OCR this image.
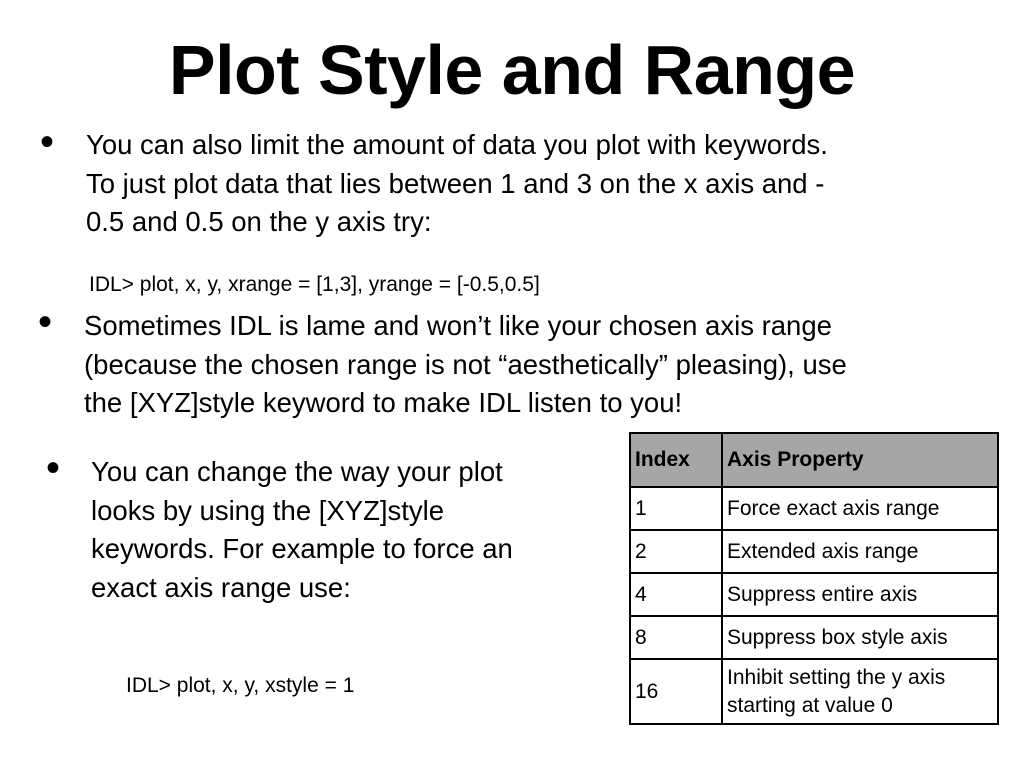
Plot Style and Range
• You can also limit the amount of data you plot with keywords.
To just plot data that lies between 1 and 3 on the x axis and -
0.5 and 0.5 on the y axis try:
IDL> plot, x, y, xrange = [1,3], yrange = [-0.5,0.5]
• Sometimes IDL is lame and won’t like your chosen axis range
(because the chosen range is not “aesthetically” pleasing), use
the [XYZ]style keyword to make IDL listen to you!
• You can change the way your plot
looks by using the [XYZ]style
keywords. For example to force an
exact axis range use:
IDL> plot, x, y, xstyle = 1
Index	Axis Property
1	Force exact axis range
2	Extended axis range
4	Suppress entire axis
8	Suppress box style axis
16	Inhibit setting the y axis
starting at value 0
